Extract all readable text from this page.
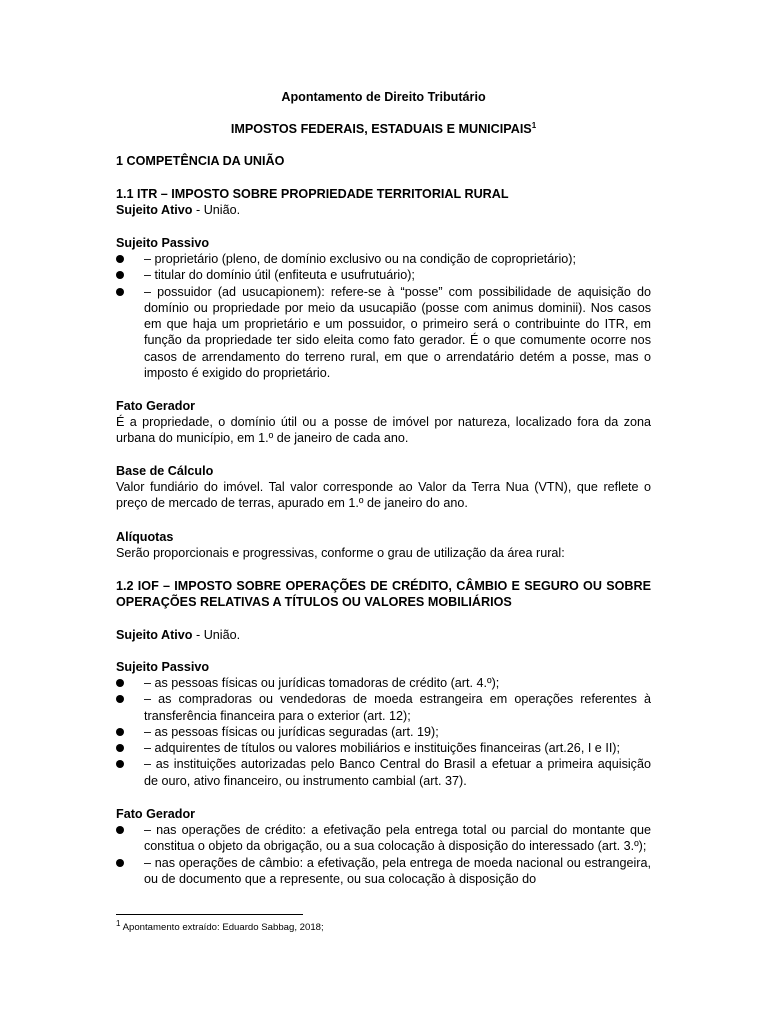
Apontamento de Direito Tributário
IMPOSTOS FEDERAIS, ESTADUAIS E MUNICIPAIS$^1$
1 COMPETÊNCIA DA UNIÃO
1.1 ITR – IMPOSTO SOBRE PROPRIEDADE TERRITORIAL RURAL
Sujeito Ativo - União.
Sujeito Passivo
– proprietário (pleno, de domínio exclusivo ou na condição de coproprietário);
– titular do domínio útil (enfiteuta e usufrutuário);
– possuidor (ad usucapionem): refere-se à “posse” com possibilidade de aquisição do domínio ou propriedade por meio da usucapião (posse com animus dominii). Nos casos em que haja um proprietário e um possuidor, o primeiro será o contribuinte do ITR, em função da propriedade ter sido eleita como fato gerador. É o que comumente ocorre nos casos de arrendamento do terreno rural, em que o arrendatário detém a posse, mas o imposto é exigido do proprietário.
Fato Gerador
É a propriedade, o domínio útil ou a posse de imóvel por natureza, localizado fora da zona urbana do município, em 1.º de janeiro de cada ano.
Base de Cálculo
Valor fundiário do imóvel. Tal valor corresponde ao Valor da Terra Nua (VTN), que reflete o preço de mercado de terras, apurado em 1.º de janeiro do ano.
Alíquotas
Serão proporcionais e progressivas, conforme o grau de utilização da área rural:
1.2 IOF – IMPOSTO SOBRE OPERAÇÕES DE CRÉDITO, CÂMBIO E SEGURO OU SOBRE OPERAÇÕES RELATIVAS A TÍTULOS OU VALORES MOBILIÁRIOS
Sujeito Ativo - União.
Sujeito Passivo
– as pessoas físicas ou jurídicas tomadoras de crédito (art. 4.º);
– as compradoras ou vendedoras de moeda estrangeira em operações referentes à transferência financeira para o exterior (art. 12);
– as pessoas físicas ou jurídicas seguradas (art. 19);
– adquirentes de títulos ou valores mobiliários e instituições financeiras (art.26, I e II);
– as instituições autorizadas pelo Banco Central do Brasil a efetuar a primeira aquisição de ouro, ativo financeiro, ou instrumento cambial (art. 37).
Fato Gerador
– nas operações de crédito: a efetivação pela entrega total ou parcial do montante que constitua o objeto da obrigação, ou a sua colocação à disposição do interessado (art. 3.º);
– nas operações de câmbio: a efetivação, pela entrega de moeda nacional ou estrangeira, ou de documento que a represente, ou sua colocação à disposição do
$^1$ Apontamento extraído: Eduardo Sabbag, 2018;
